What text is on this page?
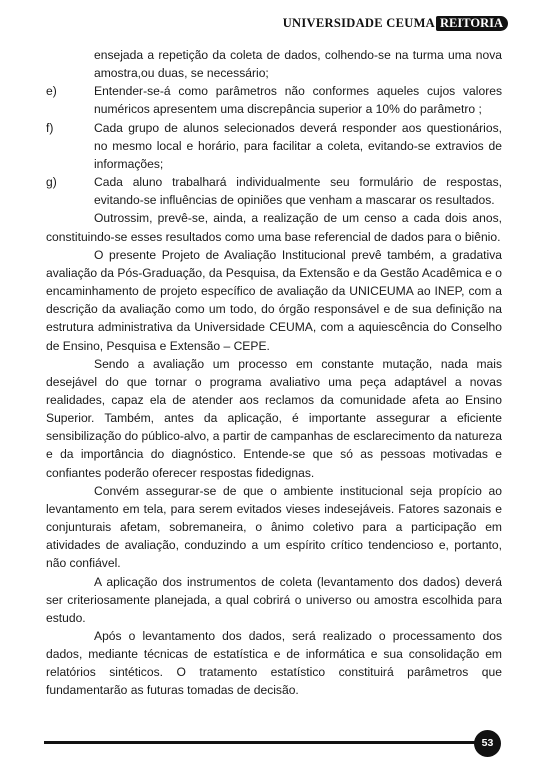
UNIVERSIDADE CEUMA REITORIA

ensejada a repetição da coleta de dados, colhendo-se na turma uma nova amostra,ou duas, se necessário;

e)	Entender-se-á como parâmetros não conformes aqueles cujos valores numéricos apresentem uma discrepância superior a 10% do parâmetro ;
f)	Cada grupo de alunos selecionados deverá responder aos questionários, no mesmo local e horário, para facilitar a coleta, evitando-se extravios de informações;
g)	Cada aluno trabalhará individualmente seu formulário de respostas, evitando-se influências de opiniões que venham a mascarar os resultados.

Outrossim, prevê-se, ainda, a realização de um censo a cada dois anos, constituindo-se esses resultados como uma base referencial de dados para o biênio.

O presente Projeto de Avaliação Institucional prevê também, a gradativa avaliação da Pós-Graduação, da Pesquisa, da Extensão e da Gestão Acadêmica e o encaminhamento de projeto específico de avaliação da UNICEUMA ao INEP, com a descrição da avaliação como um todo, do órgão responsável e de sua definição na estrutura administrativa da Universidade CEUMA, com a aquiescência do Conselho de Ensino, Pesquisa e Extensão – CEPE.

Sendo a avaliação um processo em constante mutação, nada mais desejável do que tornar o programa avaliativo uma peça adaptável a novas realidades, capaz ela de atender aos reclamos da comunidade afeta ao Ensino Superior. Também, antes da aplicação, é importante assegurar a eficiente sensibilização do público-alvo, a partir de campanhas de esclarecimento da natureza e da importância do diagnóstico. Entende-se que só as pessoas motivadas e confiantes poderão oferecer respostas fidedignas.

Convém assegurar-se de que o ambiente institucional seja propício ao levantamento em tela, para serem evitados vieses indesejáveis. Fatores sazonais e conjunturais afetam, sobremaneira, o ânimo coletivo para a participação em atividades de avaliação, conduzindo a um espírito crítico tendencioso e, portanto, não confiável.

A aplicação dos instrumentos de coleta (levantamento dos dados) deverá ser criteriosamente planejada, a qual cobrirá o universo ou amostra escolhida para estudo.

Após o levantamento dos dados, será realizado o processamento dos dados, mediante técnicas de estatística e de informática e sua consolidação em relatórios sintéticos. O tratamento estatístico constituirá parâmetros que fundamentarão as futuras tomadas de decisão.

53
